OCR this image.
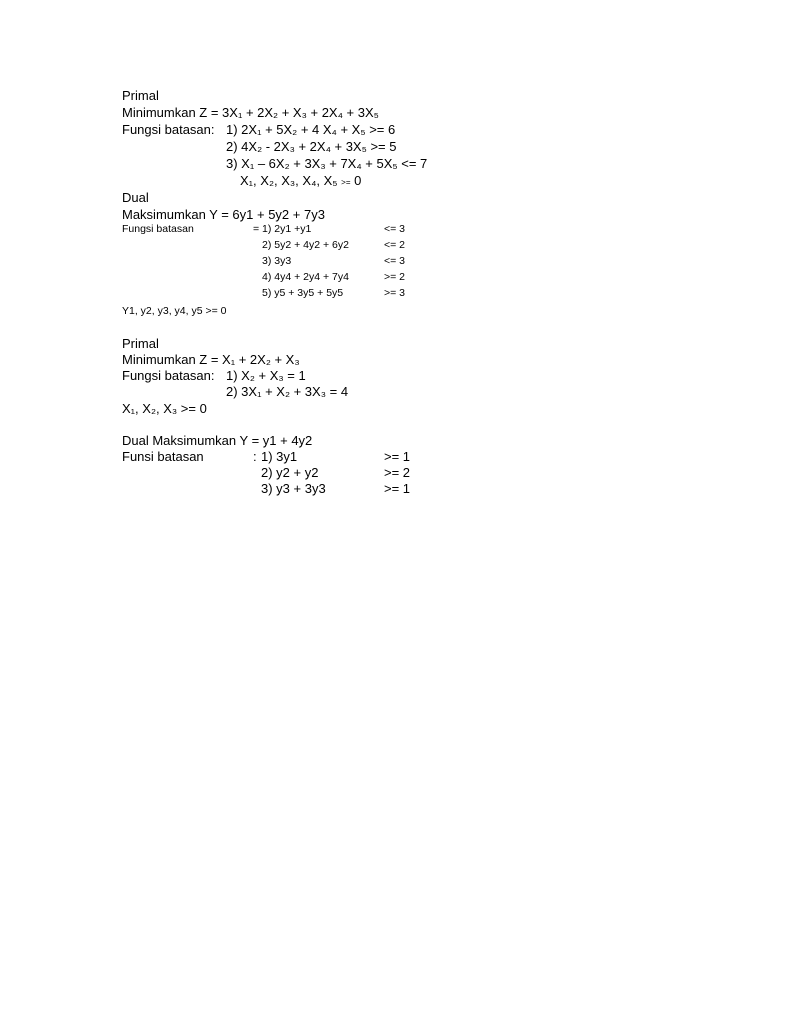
Primal
Minimumkan Z = 3X₁ + 2X₂ + X₃ + 2X₄ + 3X₅
Fungsi batasan: 1) 2X₁ + 5X₂ + 4 X₄ + X₅ >= 6
2) 4X₂ - 2X₃ + 2X₄ + 3X₅ >= 5
3) X₁ – 6X₂ + 3X₃ + 7X₄ + 5X₅ <= 7
X₁, X₂, X₃, X₄, X₅ >= 0
Dual
Maksimumkan Y = 6y1 + 5y2 + 7y3
Fungsi batasan	= 1) 2y1 +y1	<= 3
2) 5y2 + 4y2 + 6y2	<= 2
3) 3y3	<= 3
4) 4y4 + 2y4 + 7y4	>= 2
5) y5 + 3y5 + 5y5	>= 3
Y1, y2, y3, y4, y5 >= 0
Primal
Minimumkan Z = X₁ + 2X₂ + X₃
Fungsi batasan: 1) X₂ + X₃ = 1
2) 3X₁ + X₂ + 3X₃ = 4
X₁, X₂, X₃ >= 0
Dual Maksimumkan Y = y1 + 4y2
Funsi batasan	: 1) 3y1	>= 1
2) y2 + y2	>= 2
3) y3 + 3y3	>= 1
